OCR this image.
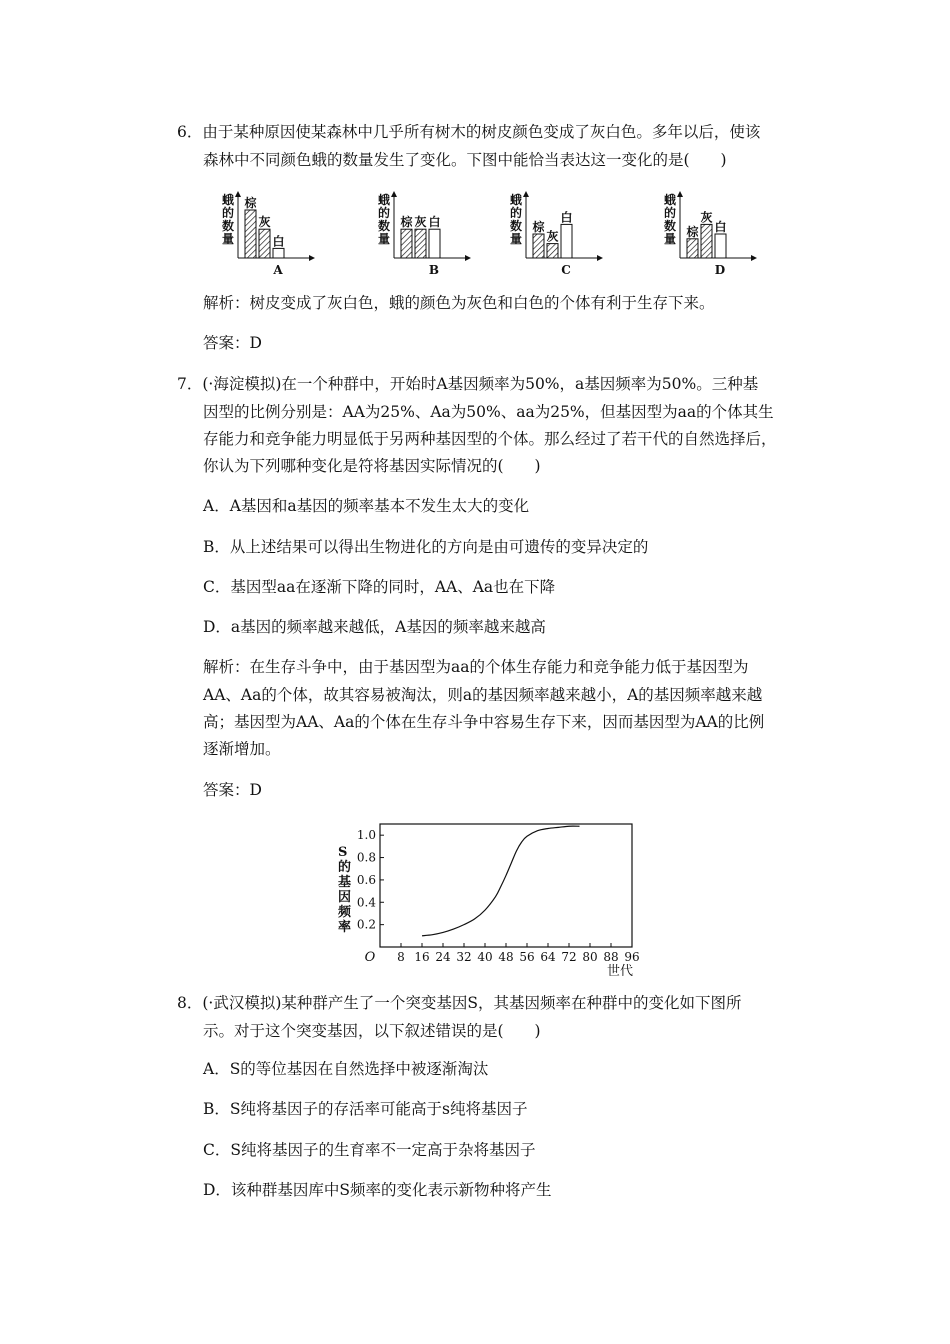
6．由于某种原因使某森林中几乎所有树木的树皮颜色变成了灰白色。多年以后，使该
森林中不同颜色蛾的数量发生了变化。下图中能恰当表达这一变化的是(　　)
蛾
的
数
量
棕
灰
白
A
蛾
的
数
量
棕 灰 白
B
蛾
的
数
量
棕
灰
白
C
蛾
的
数
量
棕
灰
白
D
解析：树皮变成了灰白色，蛾的颜色为灰色和白色的个体有利于生存下来。
答案：D
7．(·海淀模拟)在一个种群中，开始时A基因频率为50%，a基因频率为50%。三种基
因型的比例分别是：AA为25%、Aa为50%、aa为25%，但基因型为aa的个体其生
存能力和竞争能力明显低于另两种基因型的个体。那么经过了若干代的自然选择后，
你认为下列哪种变化是符将基因实际情况的(　　)
A．A基因和a基因的频率基本不发生太大的变化
B．从上述结果可以得出生物进化的方向是由可遗传的变异决定的
C．基因型aa在逐渐下降的同时，AA、Aa也在下降
D．a基因的频率越来越低，A基因的频率越来越高
解析：在生存斗争中，由于基因型为aa的个体生存能力和竞争能力低于基因型为
AA、Aa的个体，故其容易被淘汰，则a的基因频率越来越小，A的基因频率越来越
高；基因型为AA、Aa的个体在生存斗争中容易生存下来，因而基因型为AA的比例
逐渐增加。
答案：D
0.2
0.4
0.6
0.8
1.0
8 16 24 32 40 48 56 64 72 80 88 96
S
的
基
因
频
率
O
世代
8．(·武汉模拟)某种群产生了一个突变基因S，其基因频率在种群中的变化如下图所
示。对于这个突变基因，以下叙述错误的是(　　)
A．S的等位基因在自然选择中被逐渐淘汰
B．S纯将基因子的存活率可能高于s纯将基因子
C．S纯将基因子的生育率不一定高于杂将基因子
D．该种群基因库中S频率的变化表示新物种将产生
